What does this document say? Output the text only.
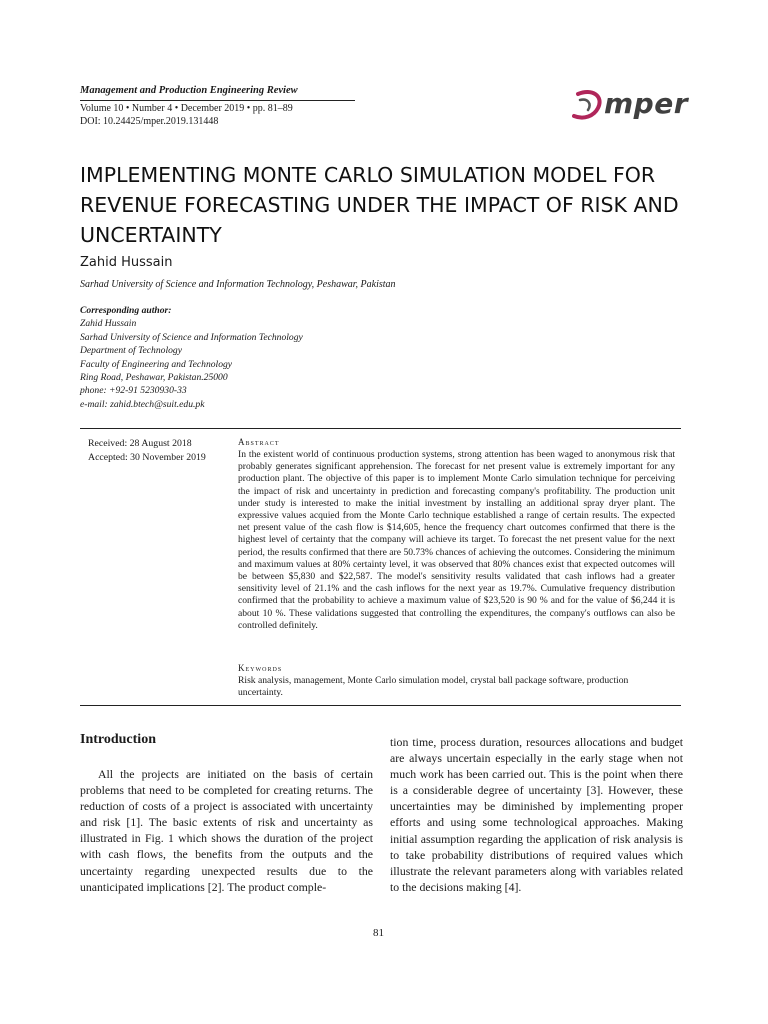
Management and Production Engineering Review
Volume 10 • Number 4 • December 2019 • pp. 81–89
DOI: 10.24425/mper.2019.131448
mper
IMPLEMENTING MONTE CARLO SIMULATION MODEL FOR REVENUE FORECASTING UNDER THE IMPACT OF RISK AND UNCERTAINTY
Zahid Hussain
Sarhad University of Science and Information Technology, Peshawar, Pakistan
Corresponding author:
Zahid Hussain
Sarhad University of Science and Information Technology
Department of Technology
Faculty of Engineering and Technology
Ring Road, Peshawar, Pakistan.25000
phone: +92-91 5230930-33
e-mail: zahid.btech@suit.edu.pk
Received: 28 August 2018
Accepted: 30 November 2019
Abstract
In the existent world of continuous production systems, strong attention has been waged to anonymous risk that probably generates significant apprehension. The forecast for net present value is extremely important for any production plant. The objective of this paper is to implement Monte Carlo simulation technique for perceiving the impact of risk and uncertainty in prediction and forecasting company's profitability. The production unit under study is interested to make the initial investment by installing an additional spray dryer plant. The expressive values acquied from the Monte Carlo technique established a range of certain results. The expected net present value of the cash flow is $14,605, hence the frequency chart outcomes confirmed that there is the highest level of certainty that the company will achieve its target. To forecast the net present value for the next period, the results confirmed that there are 50.73% chances of achieving the outcomes. Considering the minimum and maximum values at 80% certainty level, it was observed that 80% chances exist that expected outcomes will be between $5,830 and $22,587. The model's sensitivity results validated that cash inflows had a greater sensitivity level of 21.1% and the cash inflows for the next year as 19.7%. Cumulative frequency distribution confirmed that the probability to achieve a maximum value of $23,520 is 90 % and for the value of $6,244 it is about 10 %. These validations suggested that controlling the expenditures, the company's outflows can also be controlled definitely.
Keywords
Risk analysis, management, Monte Carlo simulation model, crystal ball package software, production uncertainty.
Introduction
All the projects are initiated on the basis of certain problems that need to be completed for creating returns. The reduction of costs of a project is associated with uncertainty and risk [1]. The basic extents of risk and uncertainty as illustrated in Fig. 1 which shows the duration of the project with cash flows, the benefits from the outputs and the uncertainty regarding unexpected results due to the unanticipated implications [2]. The product comple-
tion time, process duration, resources allocations and budget are always uncertain especially in the early stage when not much work has been carried out. This is the point when there is a considerable degree of uncertainty [3]. However, these uncertainties may be diminished by implementing proper efforts and using some technological approaches. Making initial assumption regarding the application of risk analysis is to take probability distributions of required values which illustrate the relevant parameters along with variables related to the decisions making [4].
81
